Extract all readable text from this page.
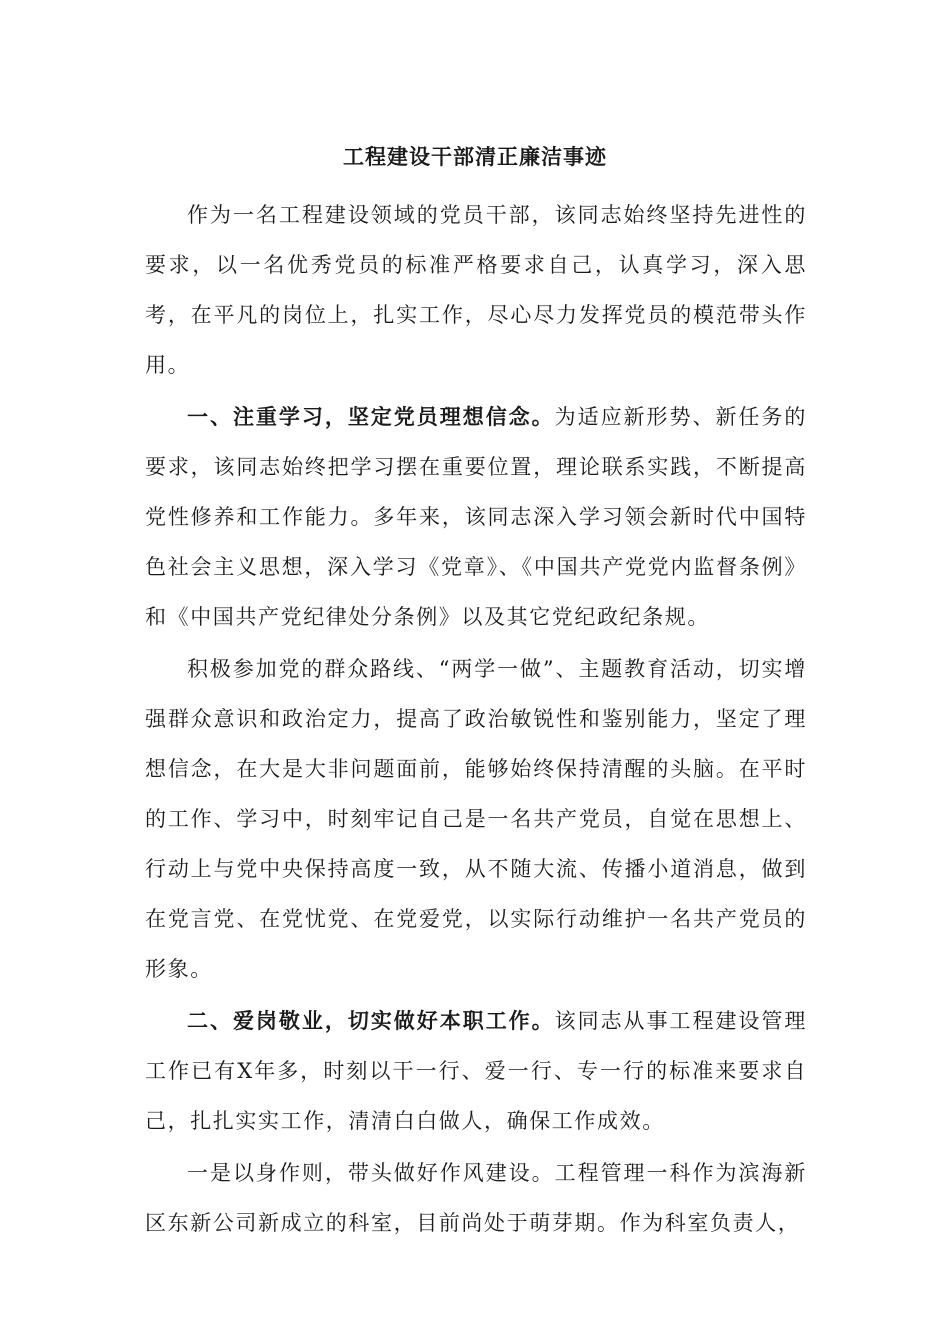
工程建设干部清正廉洁事迹

作为一名工程建设领域的党员干部，该同志始终坚持先进性的要求，以一名优秀党员的标准严格要求自己，认真学习，深入思考，在平凡的岗位上，扎实工作，尽心尽力发挥党员的模范带头作用。

一、注重学习，坚定党员理想信念。为适应新形势、新任务的要求，该同志始终把学习摆在重要位置，理论联系实践，不断提高党性修养和工作能力。多年来，该同志深入学习领会新时代中国特色社会主义思想，深入学习《党章》、《中国共产党党内监督条例》和《中国共产党纪律处分条例》以及其它党纪政纪条规。

积极参加党的群众路线、“两学一做”、主题教育活动，切实增强群众意识和政治定力，提高了政治敏锐性和鉴别能力，坚定了理想信念，在大是大非问题面前，能够始终保持清醒的头脑。在平时的工作、学习中，时刻牢记自己是一名共产党员，自觉在思想上、行动上与党中央保持高度一致，从不随大流、传播小道消息，做到在党言党、在党忧党、在党爱党，以实际行动维护一名共产党员的形象。

二、爱岗敬业，切实做好本职工作。该同志从事工程建设管理工作已有X年多，时刻以干一行、爱一行、专一行的标准来要求自己，扎扎实实工作，清清白白做人，确保工作成效。

一是以身作则，带头做好作风建设。工程管理一科作为滨海新区东新公司新成立的科室，目前尚处于萌芽期。作为科室负责人，
